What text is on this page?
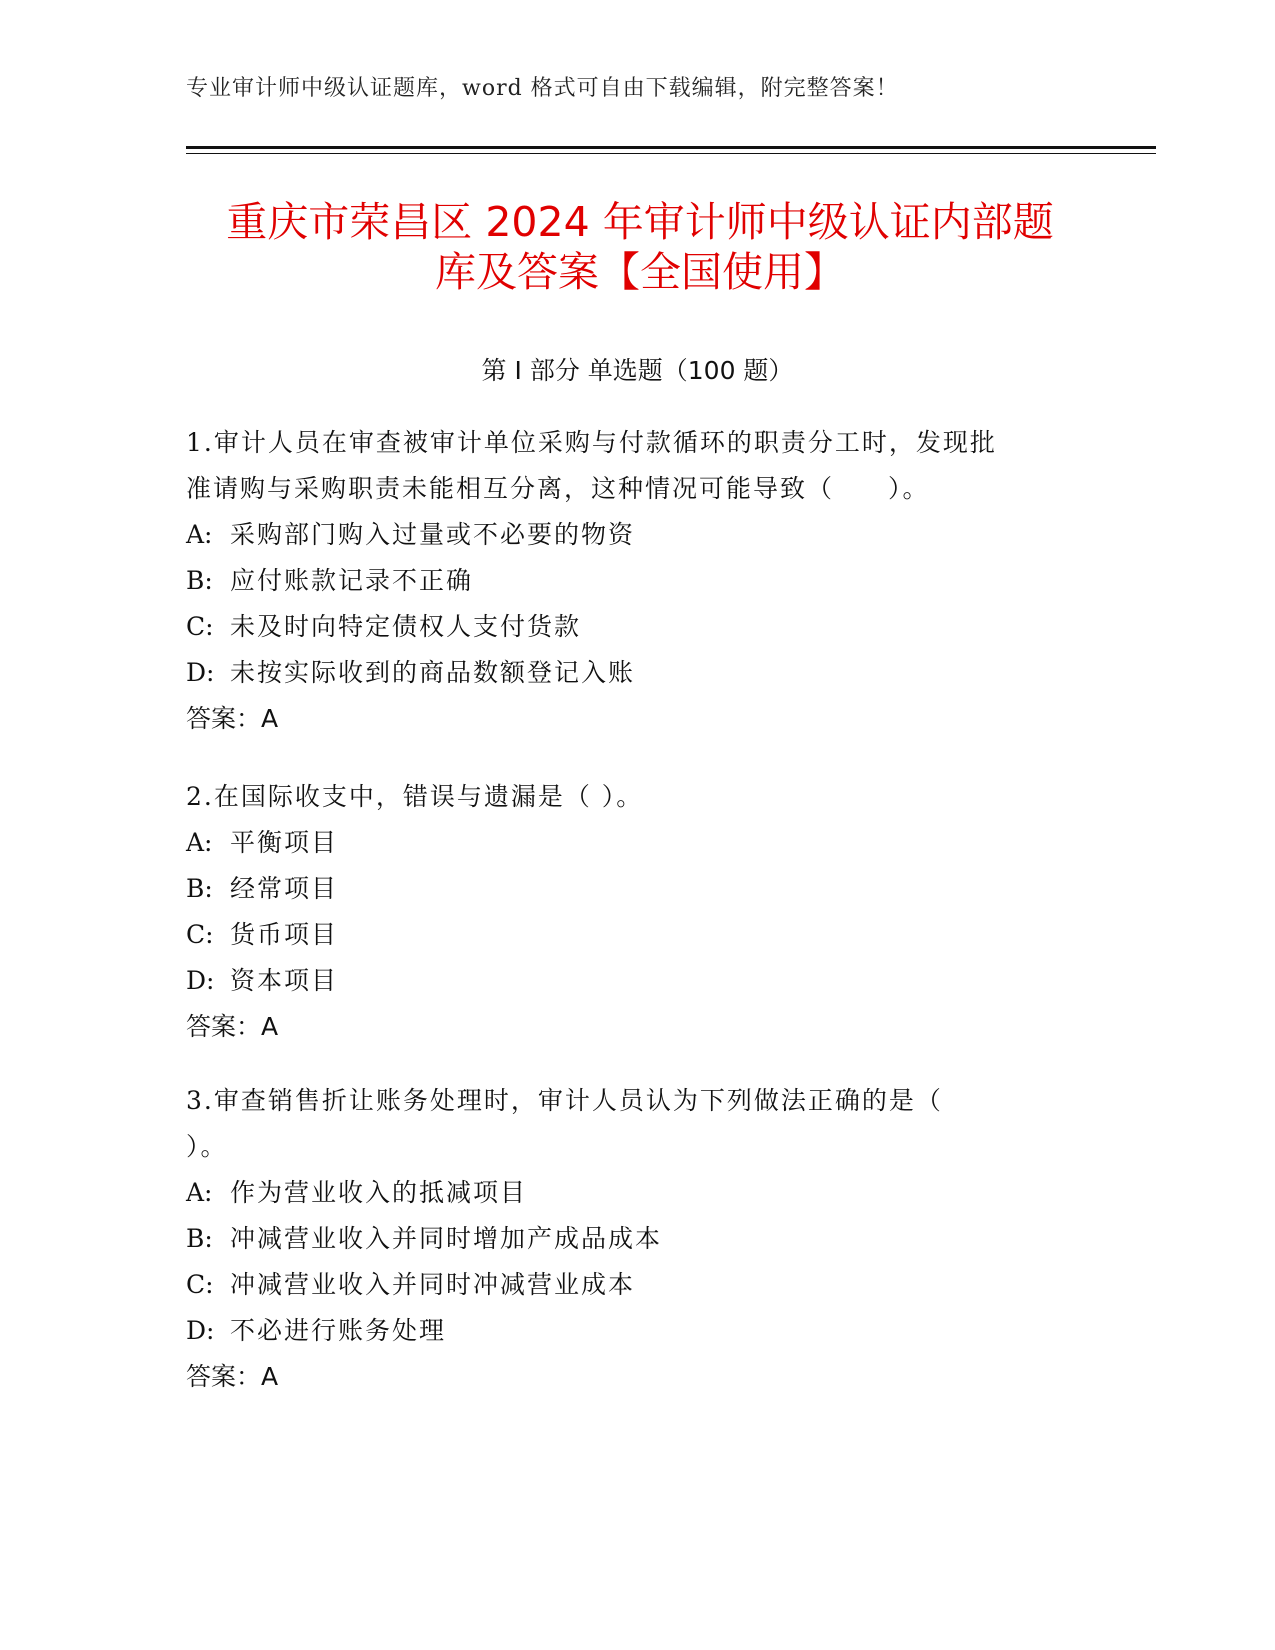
专业审计师中级认证题库，word 格式可自由下载编辑，附完整答案！
重庆市荣昌区 2024 年审计师中级认证内部题
库及答案【全国使用】
第 I 部分 单选题（100 题）
1.审计人员在审查被审计单位采购与付款循环的职责分工时，发现批
准请购与采购职责未能相互分离，这种情况可能导致（　　）。
A: 采购部门购入过量或不必要的物资
B: 应付账款记录不正确
C: 未及时向特定债权人支付货款
D: 未按实际收到的商品数额登记入账
答案：A
2.在国际收支中，错误与遗漏是（ ）。
A: 平衡项目
B: 经常项目
C: 货币项目
D: 资本项目
答案：A
3.审查销售折让账务处理时，审计人员认为下列做法正确的是（
）。
A: 作为营业收入的抵减项目
B: 冲减营业收入并同时增加产成品成本
C: 冲减营业收入并同时冲减营业成本
D: 不必进行账务处理
答案：A
